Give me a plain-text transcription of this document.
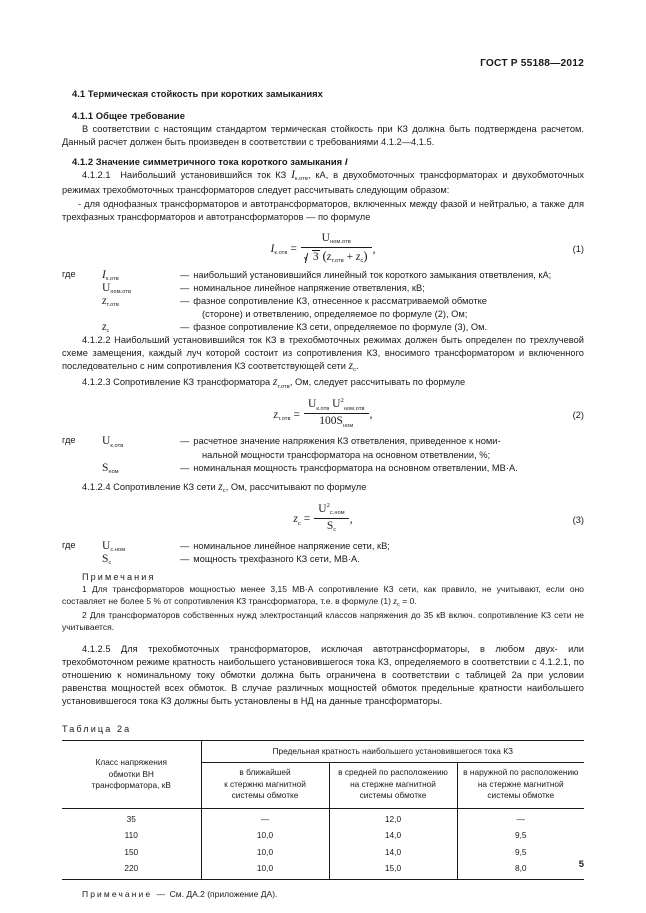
ГОСТ Р 55188—2012
4.1 Термическая стойкость при коротких замыканиях
4.1.1 Общее требование

В соответствии с настоящим стандартом термическая стойкость при КЗ должна быть подтверждена расчетом. Данный расчет должен быть произведен в соответствии с требованиями 4.1.2—4.1.5.

4.1.2 Значение симметричного тока короткого замыкания I

4.1.2.1  Наибольший установившийся ток КЗ $I_{к.отв}$, кА, в двухобмоточных трансформаторах и двухобмоточных режимах трехобмоточных трансформаторов следует рассчитывать следующим образом:

- для однофазных трансформаторов и автотрансформаторов, включенных между фазой и нейтралью, а также для трехфазных трансформаторов и автотрансформаторов — по формуле

$I_{к.отв} = \frac{U_{ном.отв}}{3 (z_{т.отв} + z_с)}$ ,	(1)
где $I_{к.отв}$	— наибольший установившийся линейный ток короткого замыкания ответвления, кА;
$U_{ном.отв}$	— номинальное линейное напряжение ответвления, кВ;
$z_{т.отв}$	— фазное сопротивление КЗ, отнесенное к рассматриваемой обмотке
(стороне) и ответвлению, определяемое по формуле (2), Ом;
$z_с$	— фазное сопротивление КЗ сети, определяемое по формуле (3), Ом.

4.1.2.2 Наибольший установившийся ток КЗ в трехобмоточных режимах должен быть определен по трехлучевой схеме замещения, каждый луч которой состоит из сопротивления КЗ, вносимого трансформатором и включенного последовательно с ним сопротивления КЗ соответствующей сети $z_с$.

4.1.2.3 Сопротивление КЗ трансформатора $z_{т.отв}$, Ом, следует рассчитывать по формуле

$z_{т.отв} = \frac{U_{к.отв} U^2_{ном.отв}}{100S_{ном}}$ ,	(2)
где $U_{к.отв}$	— расчетное значение напряжения КЗ ответвления, приведенное к номи-
нальной мощности трансформатора на основном ответвлении, %;
$S_{ном}$	— номинальная мощность трансформатора на основном ответвлении, МВ·А.

4.1.2.4 Сопротивление КЗ сети $z_с$, Ом, рассчитывают по формуле

$z_с = \frac{U^2_{с.ном}}{S_с}$ ,	(3)
где $U_{с.ном}$	— номинальное линейное напряжение сети, кВ;
$S_с$	— мощность трехфазного КЗ сети, МВ·А.
Примечания

1 Для трансформаторов мощностью менее 3,15 МВ·А сопротивление КЗ сети, как правило, не учитывают, если оно составляет не более 5 % от сопротивления КЗ трансформатора, т.е. в формуле (1) $z_с = 0$.

2 Для трансформаторов собственных нужд электростанций классов напряжения до 35 кВ включ. сопротивление КЗ сети не учитывается.

4.1.2.5 Для трехобмоточных трансформаторов, исключая автотрансформаторы, в любом двух- или трехобмоточном режиме кратность наибольшего установившегося тока КЗ, определяемого в соответствии с 4.1.2.1, по отношению к номинальному току обмотки должна быть ограничена в соответствии с таблицей 2а при условии равенства мощностей всех обмоток. В случае различных мощностей обмоток предельные кратности наибольшего установившегося тока КЗ должны быть установлены в НД на данные трансформаторы.

Таблица 2а
Класс напряжения
обмотки ВН
трансформатора, кВ	Предельная кратность наибольшего установившегося тока КЗ		

в ближайшей
к стержню магнитной
системы обмотке

в средней по расположению
на стержне магнитной
системы обмотке

в наружной по расположению
на стержне магнитной
системы обмотке

35	—	12,0	—
110	10,0	14,0	9,5
150	10,0	14,0	9,5
220	10,0	15,0	8,0
Примечание — См. ДА.2 (приложение ДА).
5
